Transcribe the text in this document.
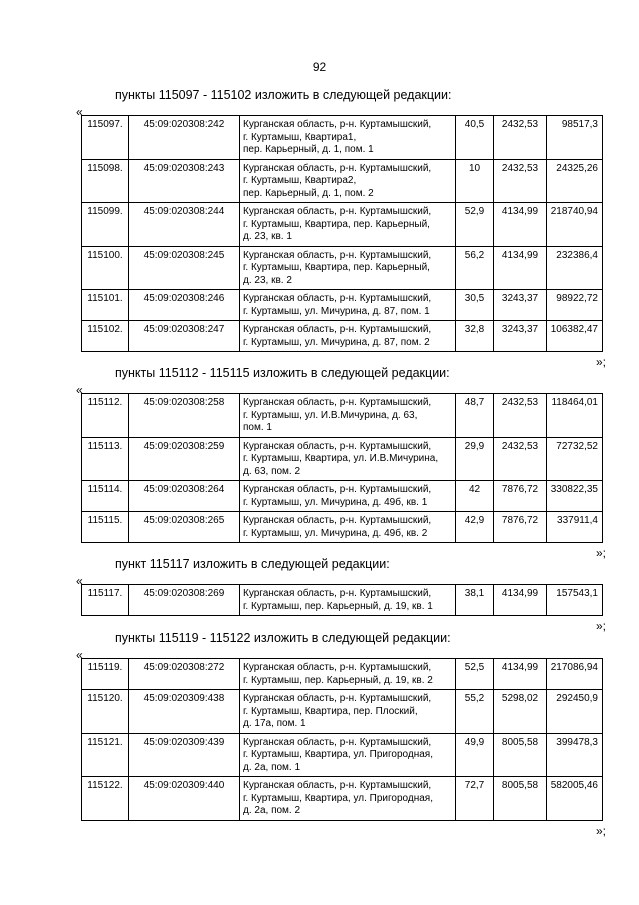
92
пункты 115097 - 115102 изложить в следующей редакции:
«
115097.	45:09:020308:242	Курганская область, р-н. Куртамышский,
г. Куртамыш, Квартира1,
пер. Карьерный, д. 1, пом. 1	40,5	2432,53	98517,3
115098.	45:09:020308:243	Курганская область, р-н. Куртамышский,
г. Куртамыш, Квартира2,
пер. Карьерный, д. 1, пом. 2	10	2432,53	24325,26
115099.	45:09:020308:244	Курганская область, р-н. Куртамышский,
г. Куртамыш, Квартира, пер. Карьерный,
д. 23, кв. 1	52,9	4134,99	218740,94
115100.	45:09:020308:245	Курганская область, р-н. Куртамышский,
г. Куртамыш, Квартира, пер. Карьерный,
д. 23, кв. 2	56,2	4134,99	232386,4
115101.	45:09:020308:246	Курганская область, р-н. Куртамышский,
г. Куртамыш, ул. Мичурина, д. 87, пом. 1	30,5	3243,37	98922,72
115102.	45:09:020308:247	Курганская область, р-н. Куртамышский,
г. Куртамыш, ул. Мичурина, д. 87, пом. 2	32,8	3243,37	106382,47
»;
пункты 115112 - 115115 изложить в следующей редакции:
«
115112.	45:09:020308:258	Курганская область, р-н. Куртамышский,
г. Куртамыш, ул. И.В.Мичурина, д. 63,
пом. 1	48,7	2432,53	118464,01
115113.	45:09:020308:259	Курганская область, р-н. Куртамышский,
г. Куртамыш, Квартира, ул. И.В.Мичурина,
д. 63, пом. 2	29,9	2432,53	72732,52
115114.	45:09:020308:264	Курганская область, р-н. Куртамышский,
г. Куртамыш, ул. Мичурина, д. 49б, кв. 1	42	7876,72	330822,35
115115.	45:09:020308:265	Курганская область, р-н. Куртамышский,
г. Куртамыш, ул. Мичурина, д. 49б, кв. 2	42,9	7876,72	337911,4
»;
пункт 115117 изложить в следующей редакции:
«
115117.	45:09:020308:269	Курганская область, р-н. Куртамышский,
г. Куртамыш, пер. Карьерный, д. 19, кв. 1
	38,1	4134,99	157543,1
»;
пункты 115119 - 115122 изложить в следующей редакции:
«
115119.	45:09:020308:272	Курганская область, р-н. Куртамышский,
г. Куртамыш, пер. Карьерный, д. 19, кв. 2	52,5	4134,99	217086,94
115120.	45:09:020309:438	Курганская область, р-н. Куртамышский,
г. Куртамыш, Квартира, пер. Плоский,
д. 17а, пом. 1	55,2	5298,02	292450,9
115121.	45:09:020309:439	Курганская область, р-н. Куртамышский,
г. Куртамыш, Квартира, ул. Пригородная,
д. 2а, пом. 1	49,9	8005,58	399478,3
115122.	45:09:020309:440	Курганская область, р-н. Куртамышский,
г. Куртамыш, Квартира, ул. Пригородная,
д. 2а, пом. 2	72,7	8005,58	582005,46
»;
